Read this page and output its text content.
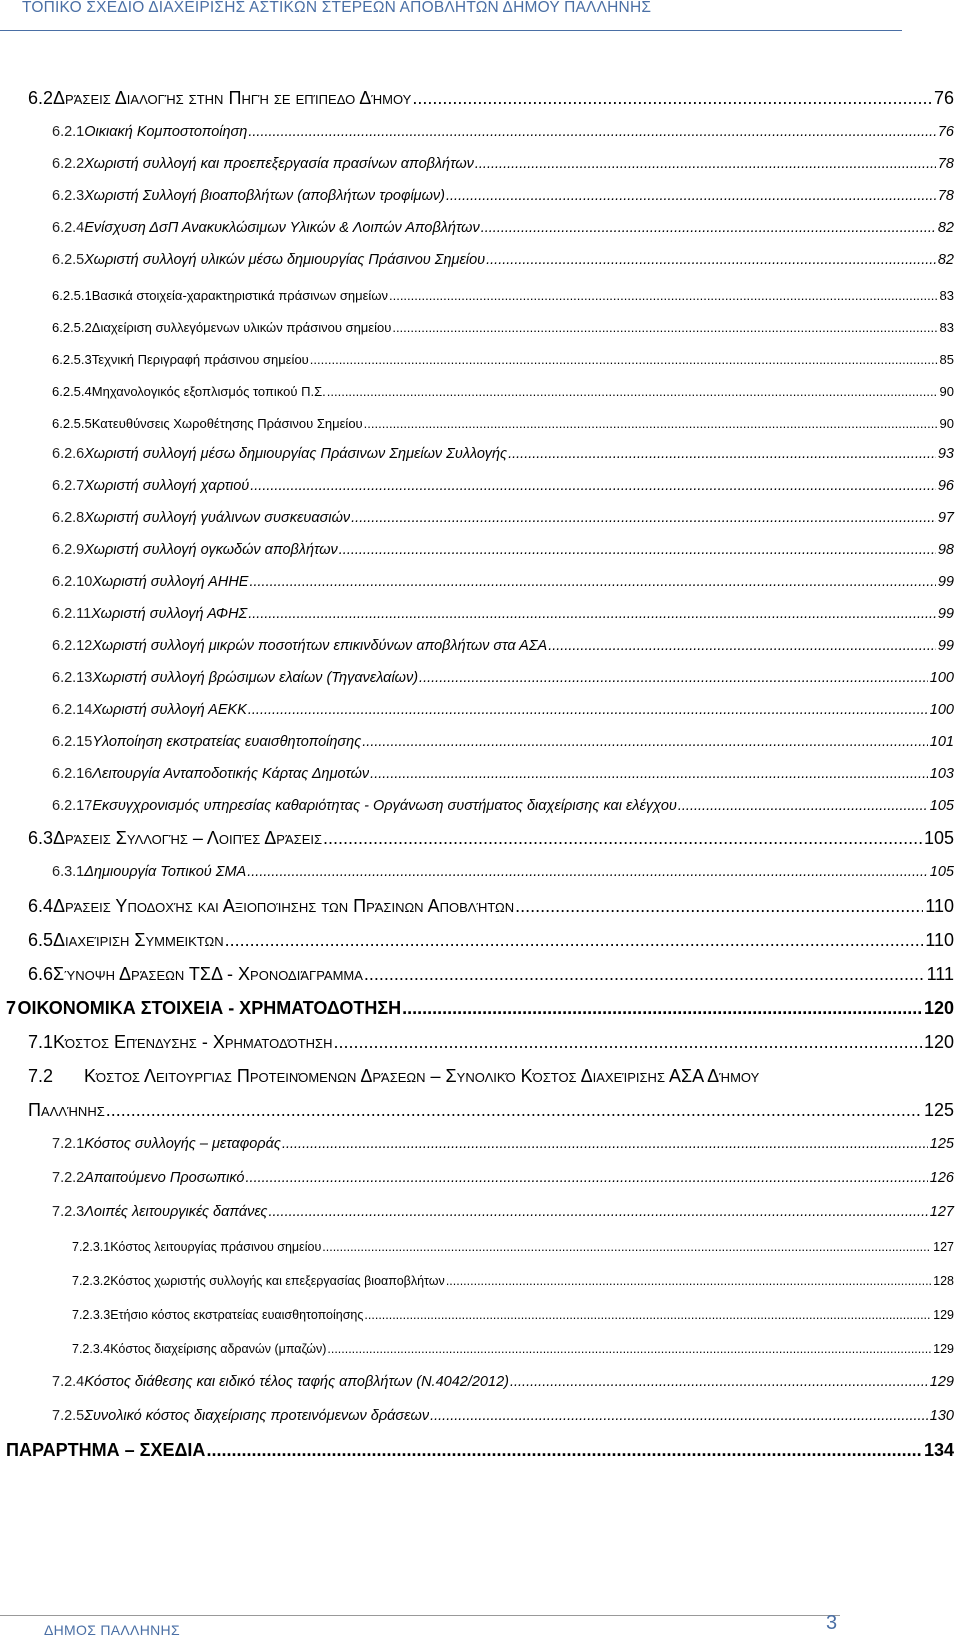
ΤΟΠΙΚΟ ΣΧΕΔΙΟ ΔΙΑΧΕΙΡΙΣΗΣ ΑΣΤΙΚΩΝ ΣΤΕΡΕΩΝ ΑΠΟΒΛΗΤΩΝ ΔΗΜΟΥ ΠΑΛΛΗΝΗΣ
6.2 Δράσεις Διαλογής στην Πηγή σε επίπεδο Δήμου .....	76
6.2.1 Οικιακή Κομποστοποίηση .....	76
6.2.2 Χωριστή συλλογή και προεπεξεργασία πρασίνων αποβλήτων .....	78
6.2.3 Χωριστή Συλλογή βιοαποβλήτων (αποβλήτων τροφίμων) .....	78
6.2.4 Ενίσχυση ΔσΠ Ανακυκλώσιμων Υλικών & Λοιπών Αποβλήτων .....	82
6.2.5 Χωριστή συλλογή υλικών μέσω δημιουργίας Πράσινου Σημείου .....	82
6.2.5.1 Βασικά στοιχεία-χαρακτηριστικά πράσινων σημείων .....	83
6.2.5.2 Διαχείριση συλλεγόμενων υλικών πράσινου σημείου .....	83
6.2.5.3 Τεχνική Περιγραφή πράσινου σημείου .....	85
6.2.5.4 Μηχανολογικός εξοπλισμός τοπικού Π.Σ. .....	90
6.2.5.5 Κατευθύνσεις Χωροθέτησης Πράσινου Σημείου .....	90
6.2.6 Χωριστή συλλογή μέσω δημιουργίας Πράσινων Σημείων Συλλογής .....	93
6.2.7 Χωριστή συλλογή χαρτιού .....	96
6.2.8 Χωριστή συλλογή γυάλινων συσκευασιών .....	97
6.2.9 Χωριστή συλλογή ογκωδών αποβλήτων .....	98
6.2.10 Χωριστή συλλογή ΑΗΗΕ .....	99
6.2.11 Χωριστή συλλογή ΑΦΗΣ .....	99
6.2.12 Χωριστή συλλογή μικρών ποσοτήτων επικινδύνων αποβλήτων στα ΑΣΑ .....	99
6.2.13 Χωριστή συλλογή βρώσιμων ελαίων (Τηγανελαίων) .....	100
6.2.14 Χωριστή συλλογή ΑΕΚΚ .....	100
6.2.15 Υλοποίηση εκστρατείας ευαισθητοποίησης .....	101
6.2.16 Λειτουργία Ανταποδοτικής Κάρτας Δημοτών .....	103
6.2.17 Εκσυγχρονισμός υπηρεσίας καθαριότητας - Οργάνωση συστήματος διαχείρισης και ελέγχου .....	105
6.3 Δράσεις Συλλογής – Λοιπές Δράσεις .....	105
6.3.1 Δημιουργία Τοπικού ΣΜΑ .....	105
6.4 Δράσεις Υποδοχής και Αξιοποίησης των Πράσινων Αποβλήτων .....	110
6.5 Διαχείριση Συμμεικτων .....	110
6.6 Σύνοψη Δράσεων ΤΣΔ - Χρονοδιάγραμμα .....	111
7 ΟΙΚΟΝΟΜΙΚΑ ΣΤΟΙΧΕΙΑ - ΧΡΗΜΑΤΟΔΟΤΗΣΗ .....	120
7.1 Κόστος Επένδυσης - Χρηματοδότηση .....	120
7.2 Κόστος Λειτουργίας Προτεινόμενων Δράσεων – Συνολικό Κόστος Διαχείρισης ΑΣΑ Δήμου
Παλλήνης .....	125
7.2.1 Κόστος συλλογής – μεταφοράς .....	125
7.2.2 Απαιτούμενο Προσωπικό .....	126
7.2.3 Λοιπές λειτουργικές δαπάνες .....	127
7.2.3.1 Κόστος λειτουργίας πράσινου σημείου .....	127
7.2.3.2 Κόστος χωριστής συλλογής και επεξεργασίας βιοαποβλήτων .....	128
7.2.3.3 Ετήσιο κόστος εκστρατείας ευαισθητοποίησης .....	129
7.2.3.4 Κόστος διαχείρισης αδρανών (μπαζών) .....	129
7.2.4 Κόστος διάθεσης και ειδικό τέλος ταφής αποβλήτων (Ν.4042/2012) .....	129
7.2.5 Συνολικό κόστος διαχείρισης προτεινόμενων δράσεων .....	130
ΠΑΡΑΡΤΗΜΑ – ΣΧΕΔΙΑ .....	134
ΔΗΜΟΣ ΠΑΛΛΗΝΗΣ	3
